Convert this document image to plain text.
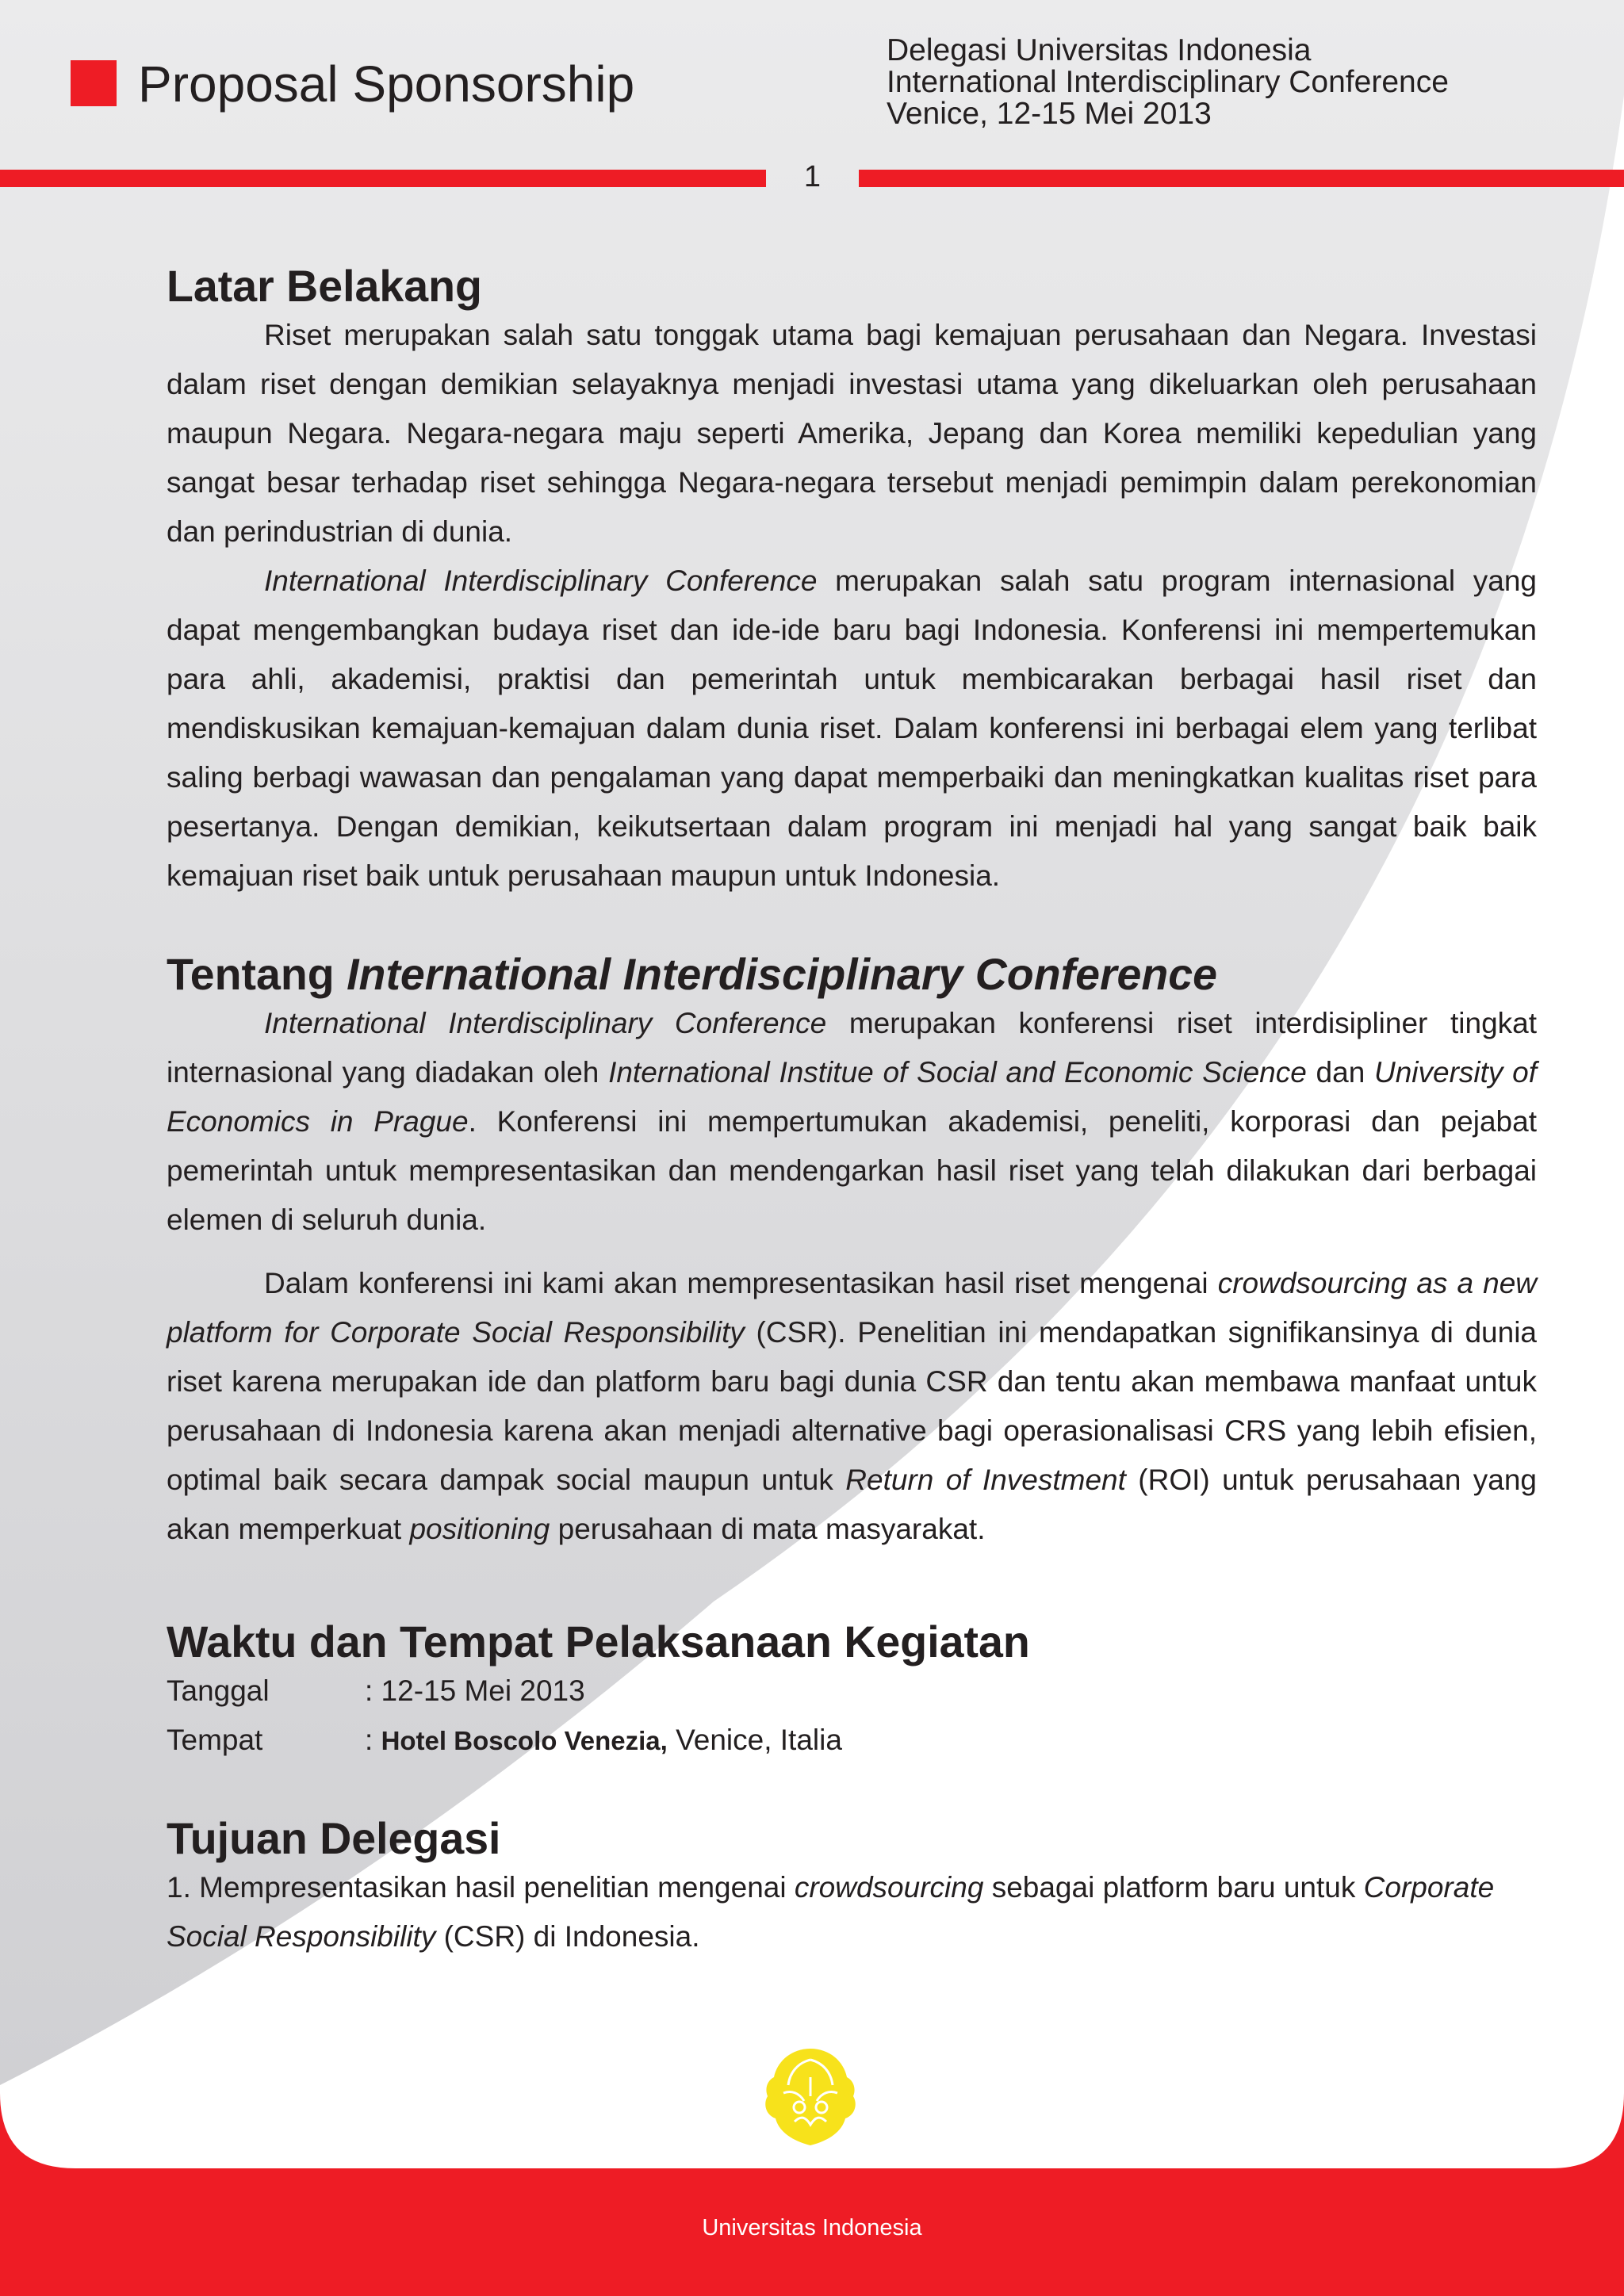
Proposal Sponsorship
Delegasi Universitas Indonesia
International Interdisciplinary Conference
Venice, 12-15 Mei 2013
1
Latar Belakang

Riset merupakan salah satu tonggak utama bagi kemajuan perusahaan dan Negara. Investasi dalam riset dengan demikian selayaknya menjadi investasi utama yang dikeluarkan oleh perusahaan maupun Negara. Negara-negara maju seperti Amerika, Jepang dan Korea memiliki kepedulian yang sangat besar terhadap riset sehingga Negara-negara tersebut menjadi pemimpin dalam perekonomian dan perindustrian di dunia.

International Interdisciplinary Conference merupakan salah satu program internasional yang dapat mengembangkan budaya riset dan ide-ide baru bagi Indonesia. Konferensi ini mempertemukan para ahli, akademisi, praktisi dan pemerintah untuk membicarakan berbagai hasil riset dan mendiskusikan kemajuan-kemajuan dalam dunia riset. Dalam konferensi ini berbagai elem yang terlibat saling berbagi wawasan dan pengalaman yang dapat memperbaiki dan meningkatkan kualitas riset para pesertanya. Dengan demikian, keikutsertaan dalam program ini menjadi hal yang sangat baik baik kemajuan riset baik untuk perusahaan maupun untuk Indonesia.

Tentang International Interdisciplinary Conference

International Interdisciplinary Conference merupakan konferensi riset interdisipliner tingkat internasional yang diadakan oleh International Institue of Social and Economic Science dan University of Economics in Prague. Konferensi ini mempertumukan akademisi, peneliti, korporasi dan pejabat pemerintah untuk mempresentasikan dan mendengarkan hasil riset yang telah dilakukan dari berbagai elemen di seluruh dunia.

Dalam konferensi ini kami akan mempresentasikan hasil riset mengenai crowdsourcing as a new platform for Corporate Social Responsibility (CSR). Penelitian ini mendapatkan signifikansinya di dunia riset karena merupakan ide dan platform baru bagi dunia CSR dan tentu akan membawa manfaat untuk perusahaan di Indonesia karena akan menjadi alternative bagi operasionalisasi CRS yang lebih efisien, optimal baik secara dampak social maupun untuk Return of Investment (ROI) untuk perusahaan yang akan memperkuat positioning perusahaan di mata masyarakat.

Waktu dan Tempat Pelaksanaan Kegiatan
Tanggal	: 12-15 Mei 2013
Tempat	: Hotel Boscolo Venezia, Venice, Italia
Tujuan Delegasi

1. Mempresentasikan hasil penelitian mengenai crowdsourcing sebagai platform baru untuk Corporate Social Responsibility (CSR) di Indonesia.

Universitas Indonesia
